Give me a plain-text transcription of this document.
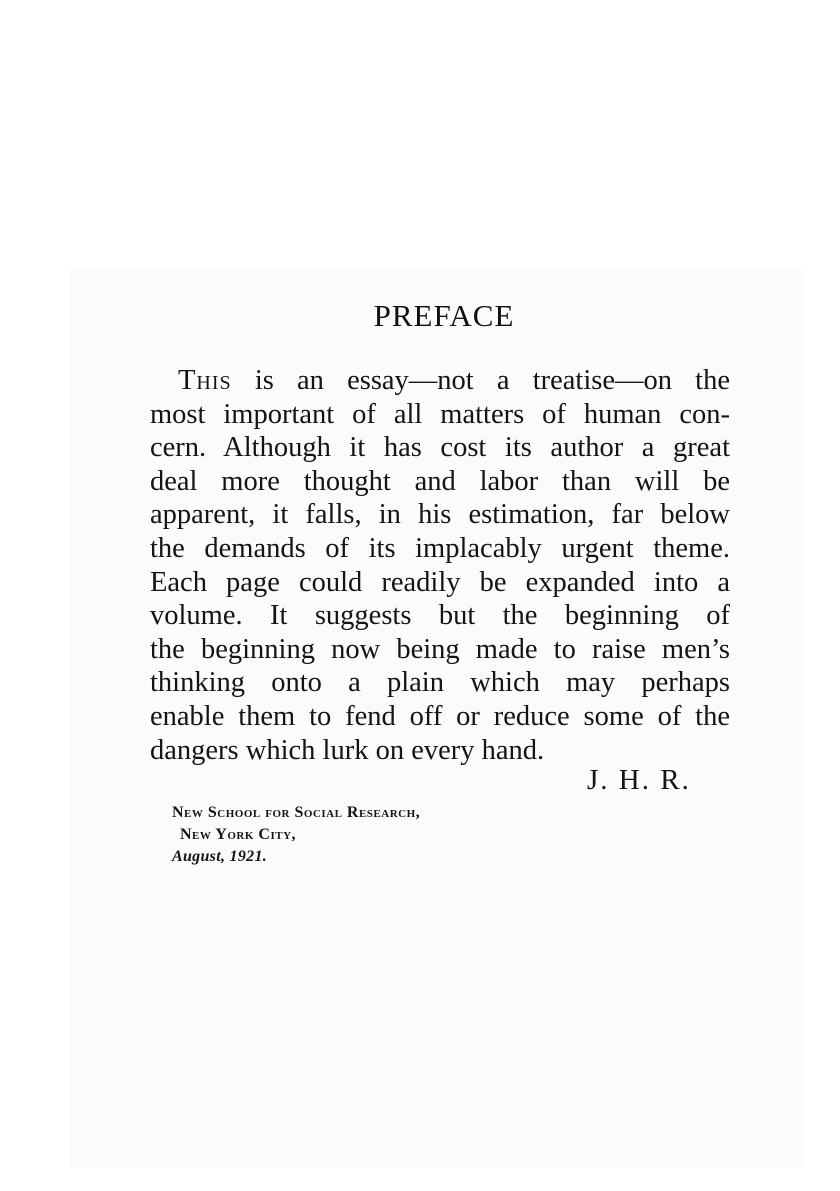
PREFACE
This is an essay—not a treatise—on the
most important of all matters of human con-
cern. Although it has cost its author a great
deal more thought and labor than will be
apparent, it falls, in his estimation, far below
the demands of its implacably urgent theme.
Each page could readily be expanded into a
volume. It suggests but the beginning of
the beginning now being made to raise men’s
thinking onto a plain which may perhaps
enable them to fend off or reduce some of the
dangers which lurk on every hand.
J. H. R.
New School for Social Research,
New York City,
August, 1921.
